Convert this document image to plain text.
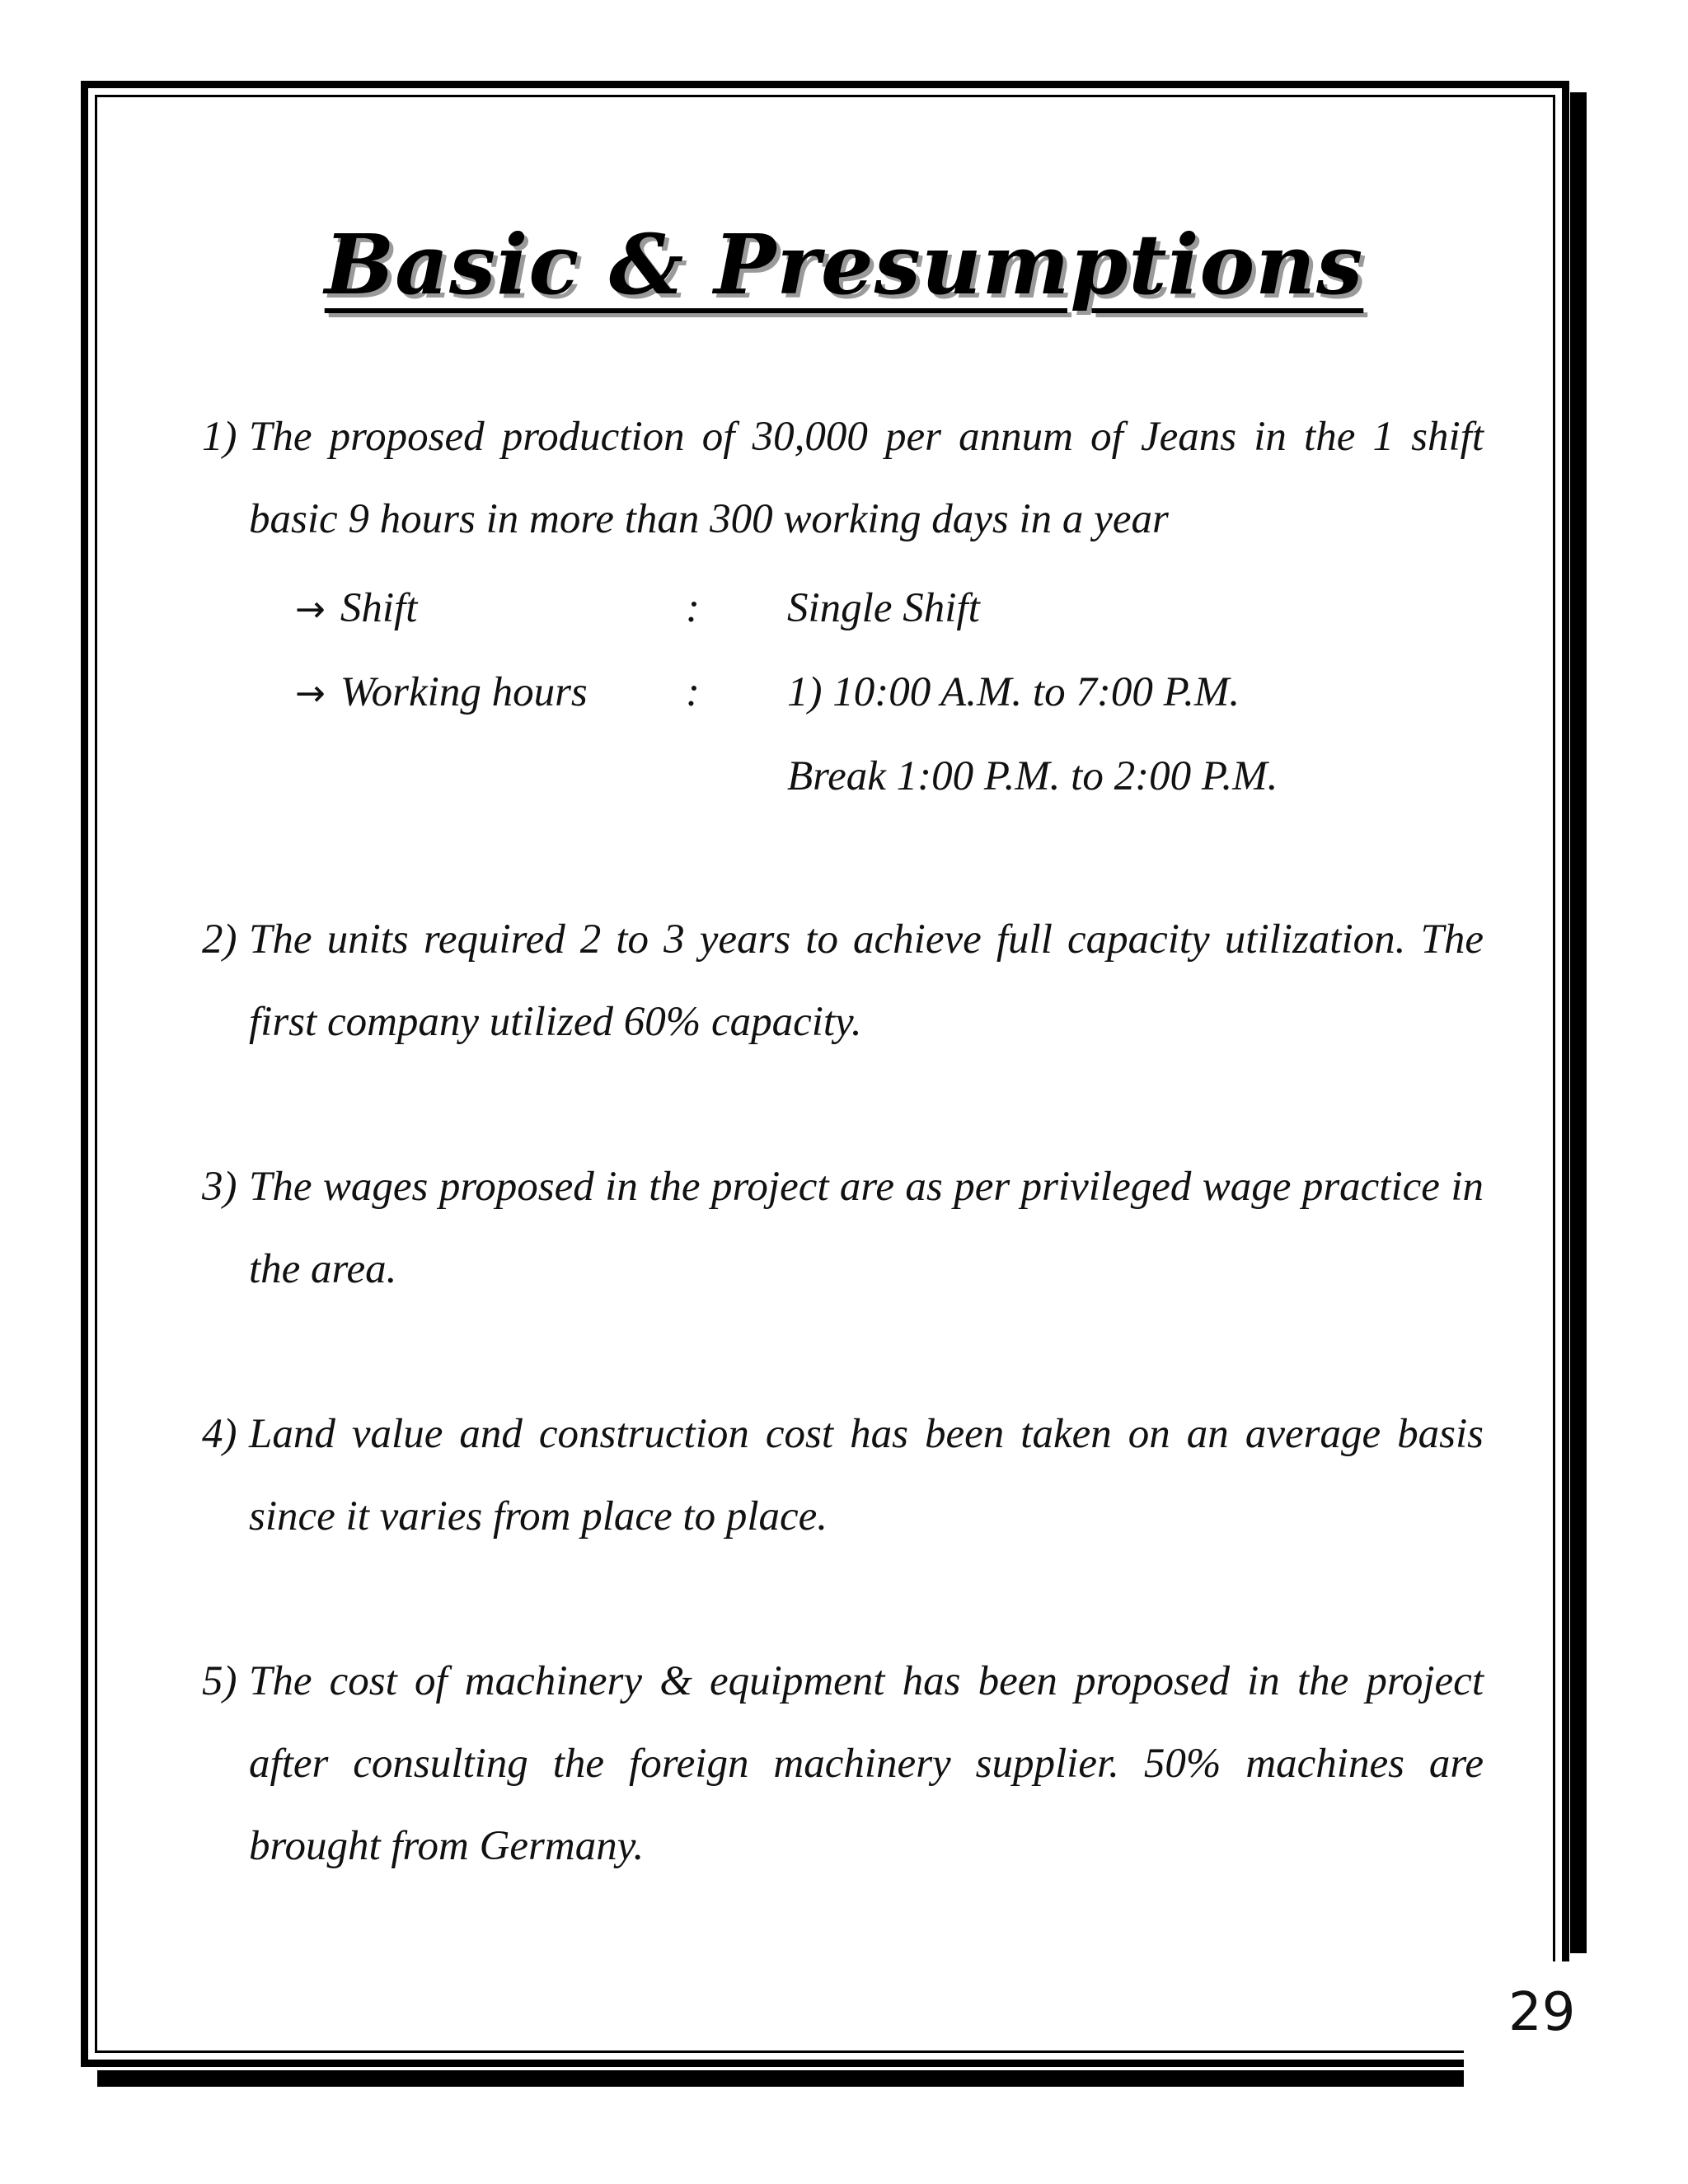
29
Basic & Presumptions
1) The proposed production of 30,000 per annum of Jeans in the 1 shift
basic 9 hours in more than 300 working days in a year
→ Shift	: Single Shift
→ Working hours : 1) 10:00 A.M. to 7:00 P.M.
Break 1:00 P.M. to 2:00 P.M.
2) The units required 2 to 3 years to achieve full capacity utilization. The
first company utilized 60% capacity.
3) The wages proposed in the project are as per privileged wage practice in
the area.
4) Land value and construction cost has been taken on an average basis
since it varies from place to place.
5) The cost of machinery & equipment has been proposed in the project
after consulting the foreign machinery supplier. 50% machines are
brought from Germany.
